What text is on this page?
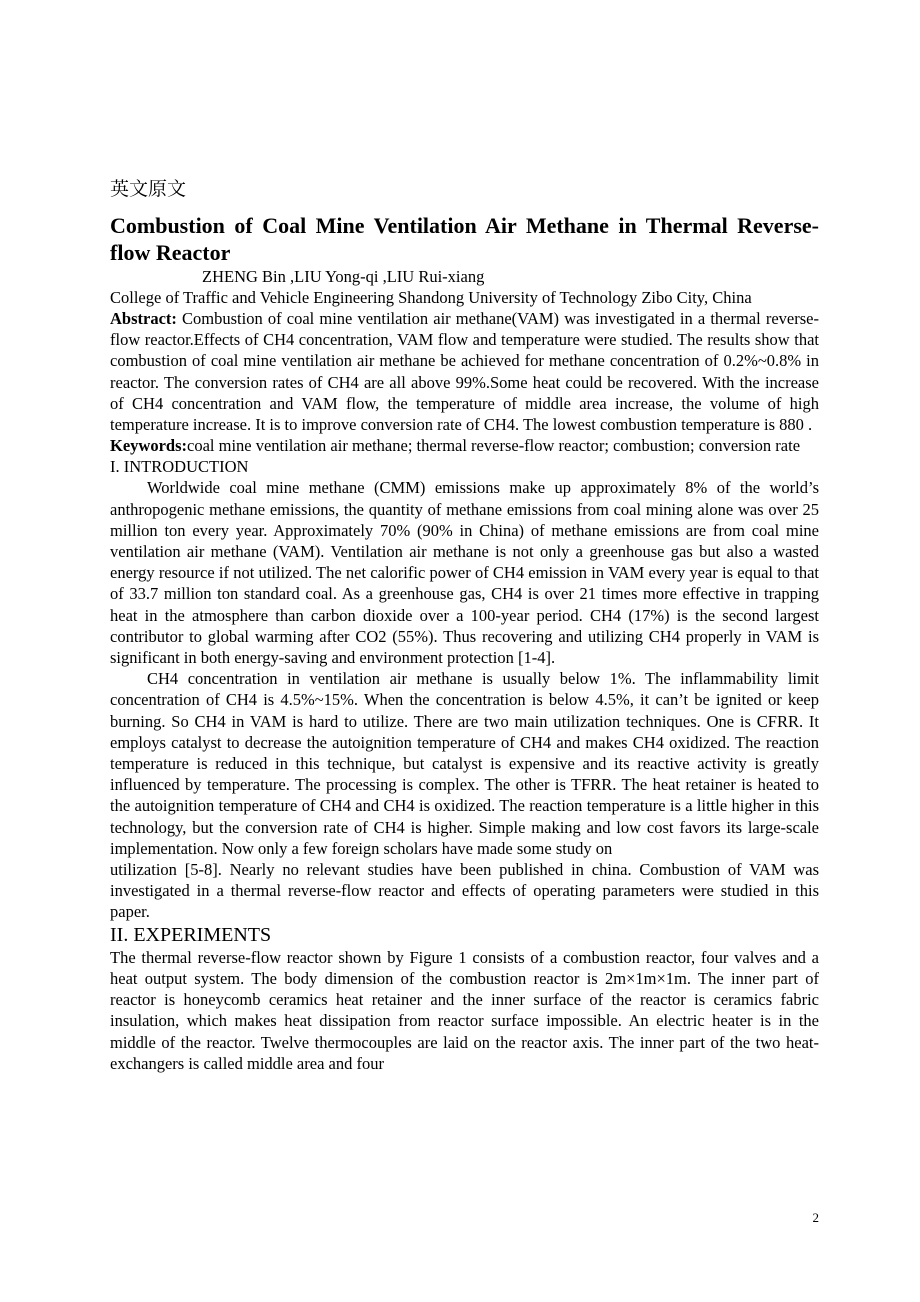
英文原文
Combustion of Coal Mine Ventilation Air Methane in Thermal Reverse-flow Reactor
ZHENG Bin ,LIU Yong-qi ,LIU Rui-xiang
College of Traffic and Vehicle Engineering Shandong University of Technology Zibo City, China

Abstract: Combustion of coal mine ventilation air methane(VAM) was investigated in a thermal reverse-flow reactor.Effects of CH4 concentration, VAM flow and temperature were studied. The results show that combustion of coal mine ventilation air methane be achieved for methane concentration of 0.2%~0.8% in reactor. The conversion rates of CH4 are all above 99%.Some heat could be recovered. With the increase of CH4 concentration and VAM flow, the temperature of middle area increase, the volume of high temperature increase. It is to improve conversion rate of CH4. The lowest combustion temperature is 880 .

Keywords:coal mine ventilation air methane; thermal reverse-flow reactor; combustion; conversion rate

I. INTRODUCTION

Worldwide coal mine methane (CMM) emissions make up approximately 8% of the world’s anthropogenic methane emissions, the quantity of methane emissions from coal mining alone was over 25 million ton every year. Approximately 70% (90% in China) of methane emissions are from coal mine ventilation air methane (VAM). Ventilation air methane is not only a greenhouse gas but also a wasted energy resource if not utilized. The net calorific power of CH4 emission in VAM every year is equal to that of 33.7 million ton standard coal. As a greenhouse gas, CH4 is over 21 times more effective in trapping heat in the atmosphere than carbon dioxide over a 100-year period. CH4 (17%) is the second largest contributor to global warming after CO2 (55%). Thus recovering and utilizing CH4 properly in VAM is significant in both energy-saving and environment protection [1-4].

CH4 concentration in ventilation air methane is usually below 1%. The inflammability limit concentration of CH4 is 4.5%~15%. When the concentration is below 4.5%, it can’t be ignited or keep burning. So CH4 in VAM is hard to utilize. There are two main utilization techniques. One is CFRR. It employs catalyst to decrease the autoignition temperature of CH4 and makes CH4 oxidized. The reaction temperature is reduced in this technique, but catalyst is expensive and its reactive activity is greatly influenced by temperature. The processing is complex. The other is TFRR. The heat retainer is heated to the autoignition temperature of CH4 and CH4 is oxidized. The reaction temperature is a little higher in this technology, but the conversion rate of CH4 is higher. Simple making and low cost favors its large-scale implementation. Now only a few foreign scholars have made some study on

utilization [5-8]. Nearly no relevant studies have been published in china. Combustion of VAM was investigated in a thermal reverse-flow reactor and effects of operating parameters were studied in this paper.

II. EXPERIMENTS

The thermal reverse-flow reactor shown by Figure 1 consists of a combustion reactor, four valves and a heat output system. The body dimension of the combustion reactor is 2m×1m×1m. The inner part of reactor is honeycomb ceramics heat retainer and the inner surface of the reactor is ceramics fabric insulation, which makes heat dissipation from reactor surface impossible. An electric heater is in the middle of the reactor. Twelve thermocouples are laid on the reactor axis. The inner part of the two heat-exchangers is called middle area and four

2
